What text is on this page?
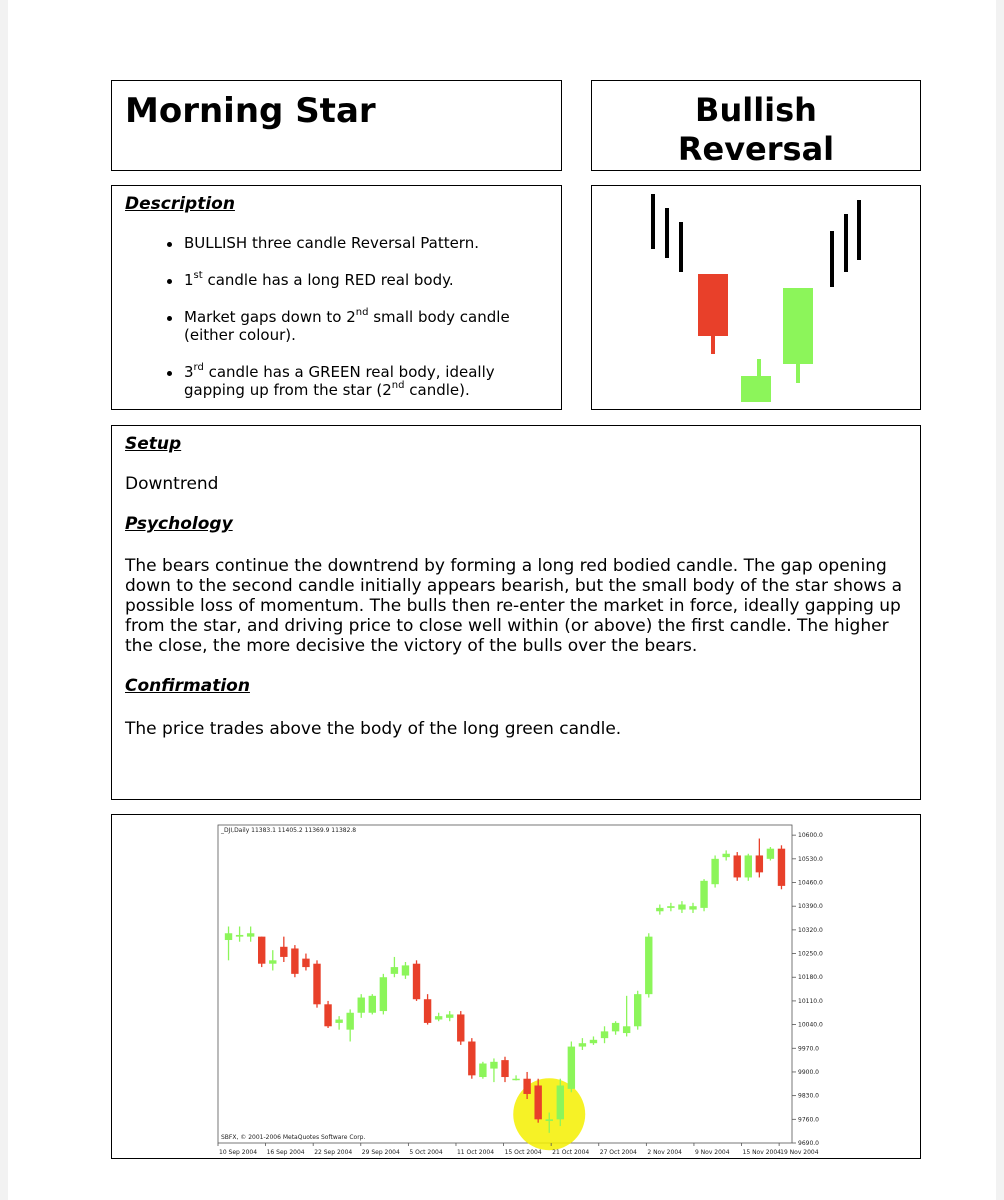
Morning Star	Bullish
Reversal
Description
BULLISH three candle Reversal Pattern.
1st candle has a long RED real body.
Market gaps down to 2nd small body candle (either colour).
3rd candle has a GREEN real body, ideally gapping up from the star (2nd candle).
Setup
Downtrend
Psychology
The bears continue the downtrend by forming a long red bodied candle. The gap opening down to the second candle initially appears bearish, but the small body of the star shows a possible loss of momentum. The bulls then re-enter the market in force, ideally gapping up from the star, and driving price to close well within (or above) the first candle. The higher the close, the more decisive the victory of the bulls over the bears.
Confirmation
The price trades above the body of the long green candle.
_DJI,Daily 11383.1 11405.2 11369.9 11382.8
SBFX, © 2001-2006 MetaQuotes Software Corp.
10600.0
10530.0
10460.0
10390.0
10320.0
10250.0
10180.0
10110.0
10040.0
9970.0
9900.0
9830.0
9760.0
9690.0
10 Sep 2004 16 Sep 2004 22 Sep 2004 29 Sep 2004 5 Oct 2004 11 Oct 2004 15 Oct 2004 21 Oct 2004 27 Oct 2004 2 Nov 2004 9 Nov 2004 15 Nov 2004 19 Nov 2004
